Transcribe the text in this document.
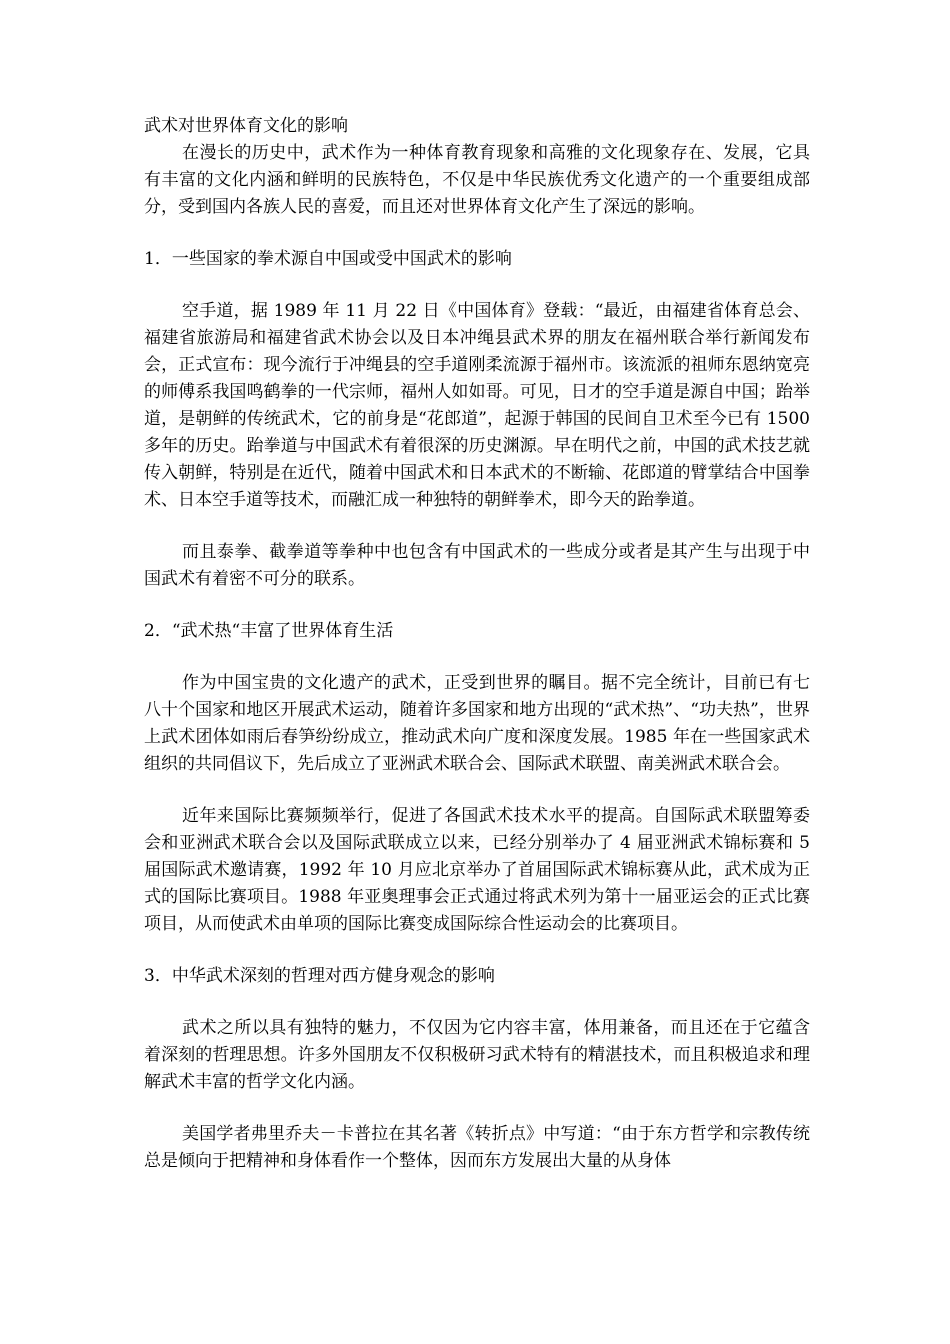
武术对世界体育文化的影响

在漫长的历史中，武术作为一种体育教育现象和高雅的文化现象存在、发展，它具有丰富的文化内涵和鲜明的民族特色，不仅是中华民族优秀文化遗产的一个重要组成部分，受到国内各族人民的喜爱，而且还对世界体育文化产生了深远的影响。

1．一些国家的拳术源自中国或受中国武术的影响

空手道，据 1989 年 11 月 22 日《中国体育》登载：“最近，由福建省体育总会、福建省旅游局和福建省武术协会以及日本冲绳县武术界的朋友在福州联合举行新闻发布会，正式宣布：现今流行于冲绳县的空手道刚柔流源于福州市。该流派的祖师东恩纳宽亮的师傅系我国鸣鹤拳的一代宗师，福州人如如哥。可见，日才的空手道是源自中国；跆举道，是朝鲜的传统武术，它的前身是“花郎道”，起源于韩国的民间自卫术至今已有 1500 多年的历史。跆拳道与中国武术有着很深的历史渊源。早在明代之前，中国的武术技艺就传入朝鲜，特别是在近代，随着中国武术和日本武术的不断输、花郎道的臂掌结合中国拳术、日本空手道等技术，而融汇成一种独特的朝鲜拳术，即今天的跆拳道。

而且泰拳、截拳道等拳种中也包含有中国武术的一些成分或者是其产生与出现于中国武术有着密不可分的联系。

2．“武术热“丰富了世界体育生活

作为中国宝贵的文化遗产的武术，正受到世界的瞩目。据不完全统计，目前已有七八十个国家和地区开展武术运动，随着许多国家和地方出现的“武术热”、“功夫热”，世界上武术团体如雨后春笋纷纷成立，推动武术向广度和深度发展。1985 年在一些国家武术组织的共同倡议下，先后成立了亚洲武术联合会、国际武术联盟、南美洲武术联合会。

近年来国际比赛频频举行，促进了各国武术技术水平的提高。自国际武术联盟筹委会和亚洲武术联合会以及国际武联成立以来，已经分别举办了 4 届亚洲武术锦标赛和 5 届国际武术邀请赛，1992 年 10 月应北京举办了首届国际武术锦标赛从此，武术成为正式的国际比赛项目。1988 年亚奥理事会正式通过将武术列为第十一届亚运会的正式比赛项目，从而使武术由单项的国际比赛变成国际综合性运动会的比赛项目。

3．中华武术深刻的哲理对西方健身观念的影响

武术之所以具有独特的魅力，不仅因为它内容丰富，体用兼备，而且还在于它蕴含着深刻的哲理思想。许多外国朋友不仅积极研习武术特有的精湛技术，而且积极追求和理解武术丰富的哲学文化内涵。

美国学者弗里乔夫－卡普拉在其名著《转折点》中写道：“由于东方哲学和宗教传统总是倾向于把精神和身体看作一个整体，因而东方发展出大量的从身体
